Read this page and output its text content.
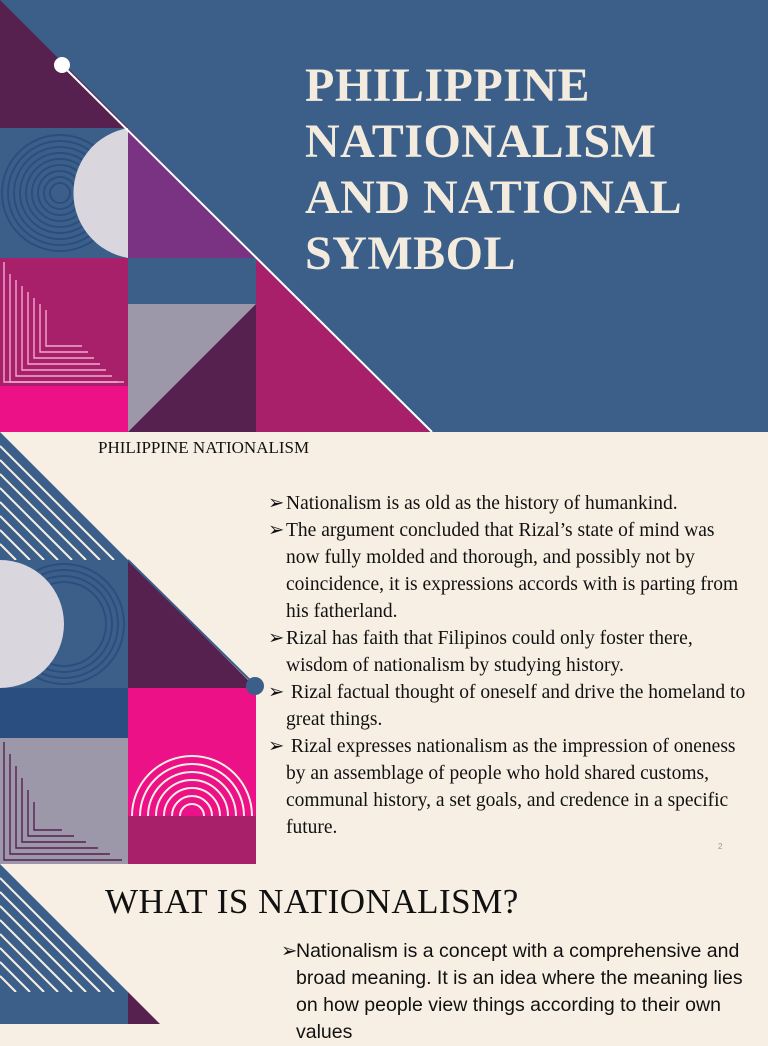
PHILIPPINE
NATIONALISM
AND NATIONAL
SYMBOL
PHILIPPINE NATIONALISM
➢Nationalism is as old as the history of humankind.
➢The argument concluded that Rizal’s state of mind was now fully molded and thorough, and possibly not by coincidence, it is expressions accords with is parting from his fatherland.
➢Rizal has faith that Filipinos could only foster there, wisdom of nationalism by studying history.
➢ Rizal factual thought of oneself and drive the homeland to great things.
➢ Rizal expresses nationalism as the impression of oneness by an assemblage of people who hold shared customs, communal history, a set goals, and credence in a specific future.
2
WHAT IS NATIONALISM?
➢Nationalism is a concept with a comprehensive and broad meaning. It is an idea where the meaning lies on how people view things according to their own values
